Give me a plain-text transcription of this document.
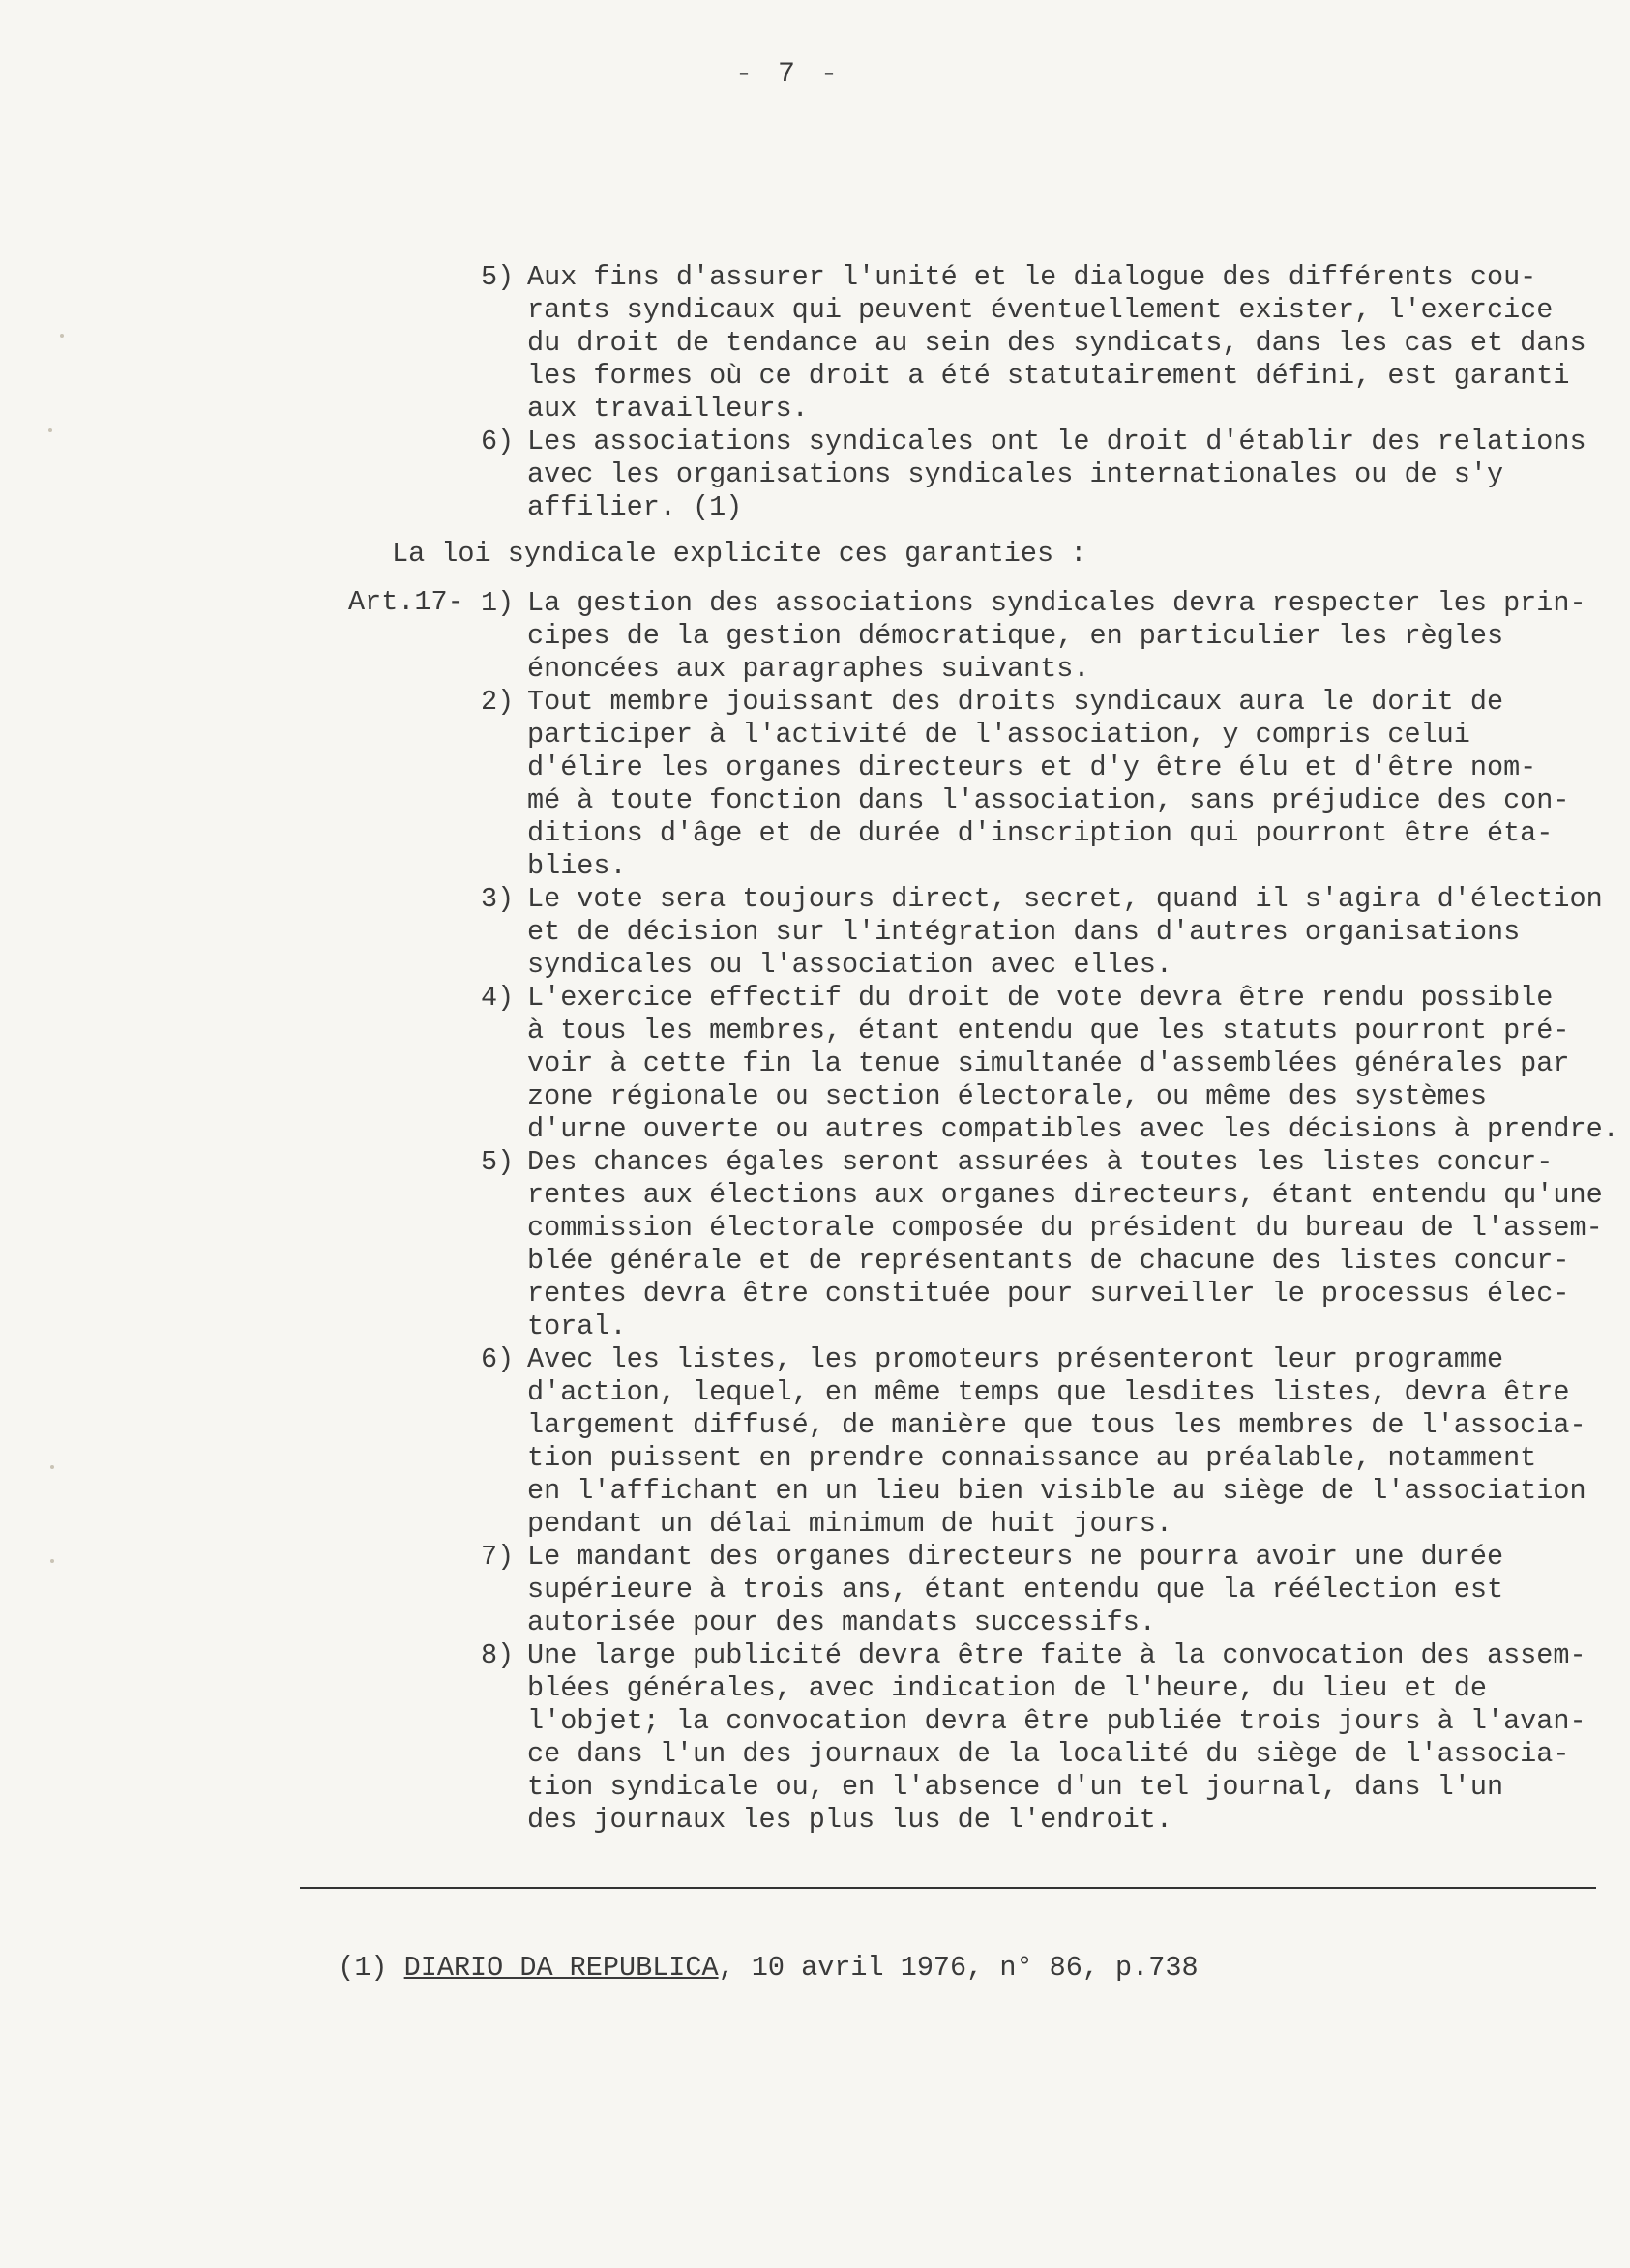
- 7 -
5) Aux fins d'assurer l'unité et le dialogue des différents cou-
rants syndicaux qui peuvent éventuellement exister, l'exercice
du droit de tendance au sein des syndicats, dans les cas et dans
les formes où ce droit a été statutairement défini, est garanti
aux travailleurs.
6) Les associations syndicales ont le droit d'établir des relations
avec les organisations syndicales internationales ou de s'y
affilier. (1)
La loi syndicale explicite ces garanties :
Art.17- 1) La gestion des associations syndicales devra respecter les prin-
cipes de la gestion démocratique, en particulier les règles
énoncées aux paragraphes suivants.
2) Tout membre jouissant des droits syndicaux aura le dorit de
participer à l'activité de l'association, y compris celui
d'élire les organes directeurs et d'y être élu et d'être nom-
mé à toute fonction dans l'association, sans préjudice des con-
ditions d'âge et de durée d'inscription qui pourront être éta-
blies.
3) Le vote sera toujours direct, secret, quand il s'agira d'élection
et de décision sur l'intégration dans d'autres organisations
syndicales ou l'association avec elles.
4) L'exercice effectif du droit de vote devra être rendu possible
à tous les membres, étant entendu que les statuts pourront pré-
voir à cette fin la tenue simultanée d'assemblées générales par
zone régionale ou section électorale, ou même des systèmes
d'urne ouverte ou autres compatibles avec les décisions à prendre.
5) Des chances égales seront assurées à toutes les listes concur-
rentes aux élections aux organes directeurs, étant entendu qu'une
commission électorale composée du président du bureau de l'assem-
blée générale et de représentants de chacune des listes concur-
rentes devra être constituée pour surveiller le processus élec-
toral.
6) Avec les listes, les promoteurs présenteront leur programme
d'action, lequel, en même temps que lesdites listes, devra être
largement diffusé, de manière que tous les membres de l'associa-
tion puissent en prendre connaissance au préalable, notamment
en l'affichant en un lieu bien visible au siège de l'association
pendant un délai minimum de huit jours.
7) Le mandant des organes directeurs ne pourra avoir une durée
supérieure à trois ans, étant entendu que la réélection est
autorisée pour des mandats successifs.
8) Une large publicité devra être faite à la convocation des assem-
blées générales, avec indication de l'heure, du lieu et de
l'objet; la convocation devra être publiée trois jours à l'avan-
ce dans l'un des journaux de la localité du siège de l'associa-
tion syndicale ou, en l'absence d'un tel journal, dans l'un
des journaux les plus lus de l'endroit.

(1) DIARIO DA REPUBLICA, 10 avril 1976, n° 86, p.738
